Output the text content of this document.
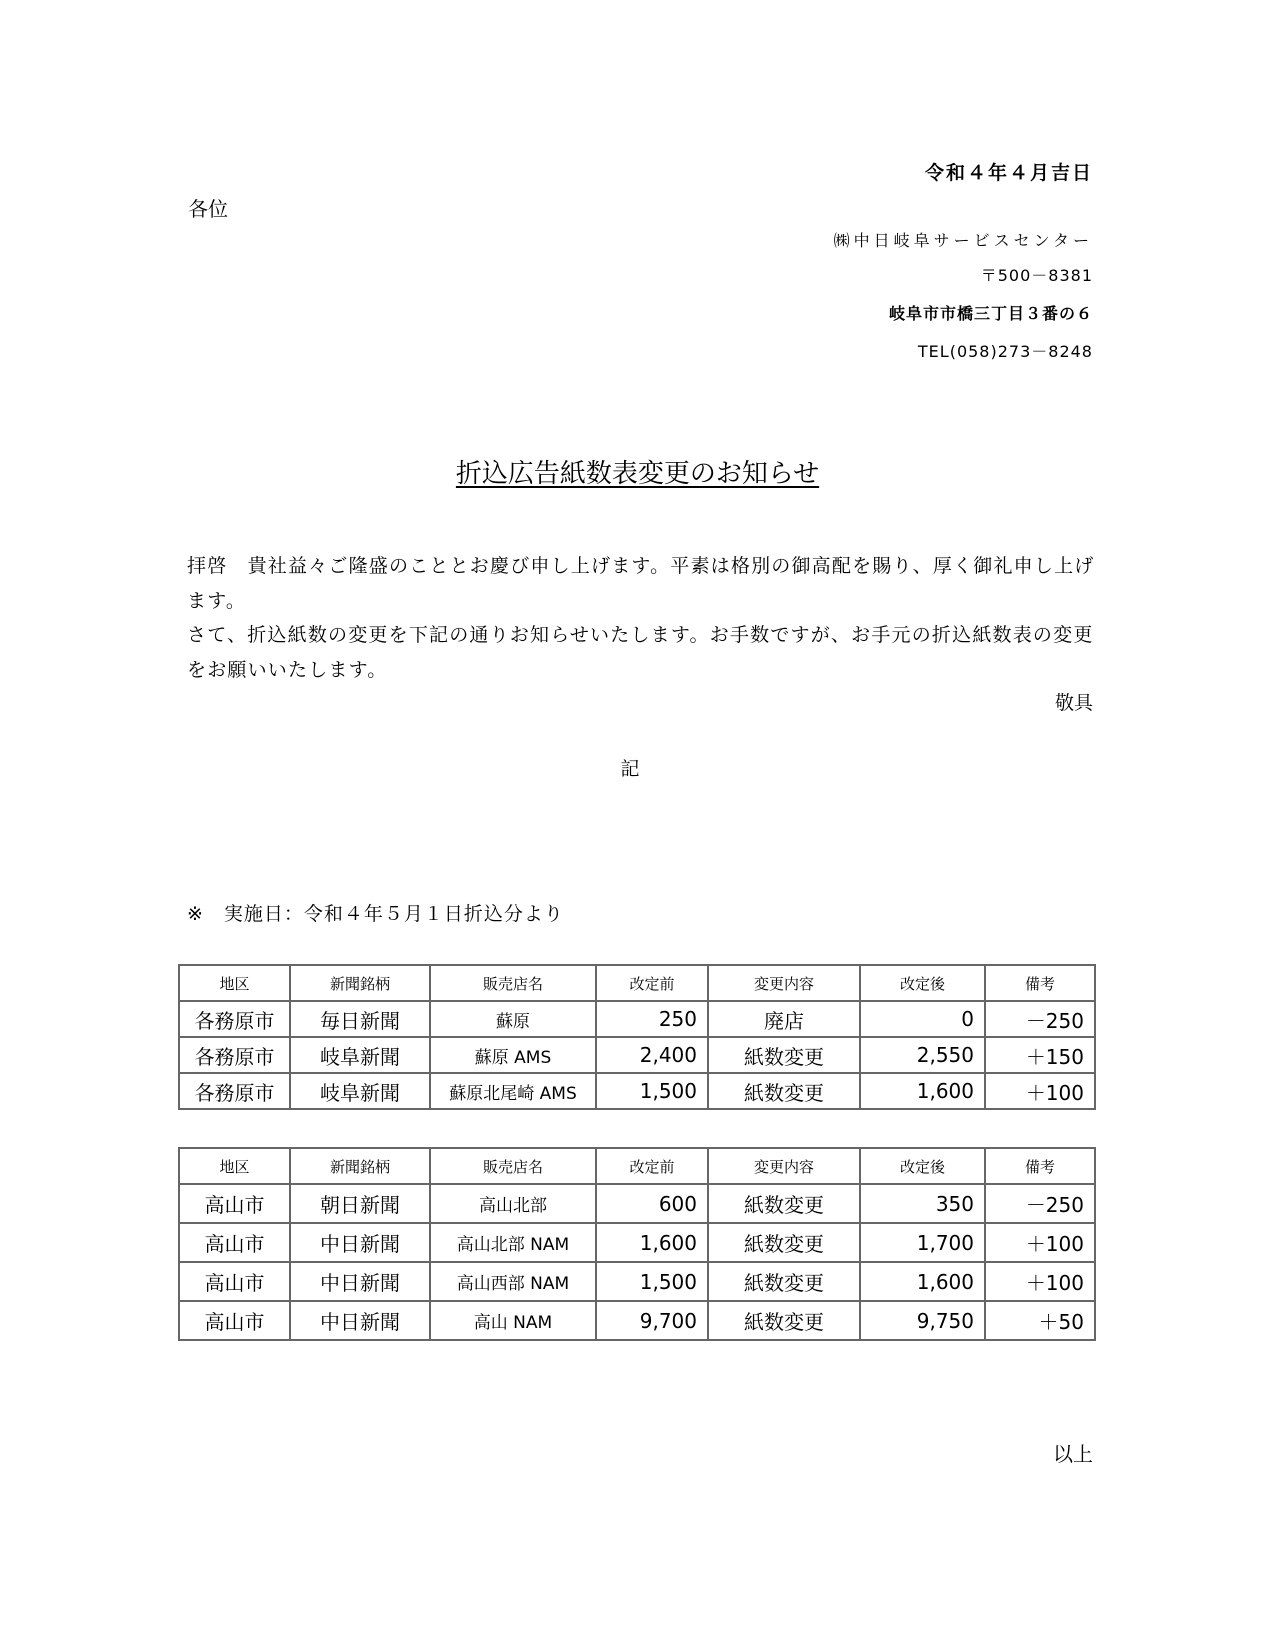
令和４年４月吉日
各位
㈱中日岐阜サービスセンター
〒500－8381
岐阜市市橋三丁目３番の６
TEL(058)273－8248
折込広告紙数表変更のお知らせ

拝啓　貴社益々ご隆盛のこととお慶び申し上げます。平素は格別の御高配を賜り、厚く御礼申し上げます。

さて、折込紙数の変更を下記の通りお知らせいたします。お手数ですが、お手元の折込紙数表の変更をお願いいたします。

敬具
記
※　実施日：令和４年５月１日折込分より
地区	新聞銘柄	販売店名	改定前	変更内容	改定後	備考
各務原市	毎日新聞	蘇原	250	廃店	0	－250
各務原市	岐阜新聞	蘇原 AMS	2,400	紙数変更	2,550	＋150
各務原市	岐阜新聞	蘇原北尾崎 AMS	1,500	紙数変更	1,600	＋100
地区	新聞銘柄	販売店名	改定前	変更内容	改定後	備考
高山市	朝日新聞	高山北部	600	紙数変更	350	－250
高山市	中日新聞	高山北部 NAM	1,600	紙数変更	1,700	＋100
高山市	中日新聞	高山西部 NAM	1,500	紙数変更	1,600	＋100
高山市	中日新聞	高山 NAM	9,700	紙数変更	9,750	＋50
以上
